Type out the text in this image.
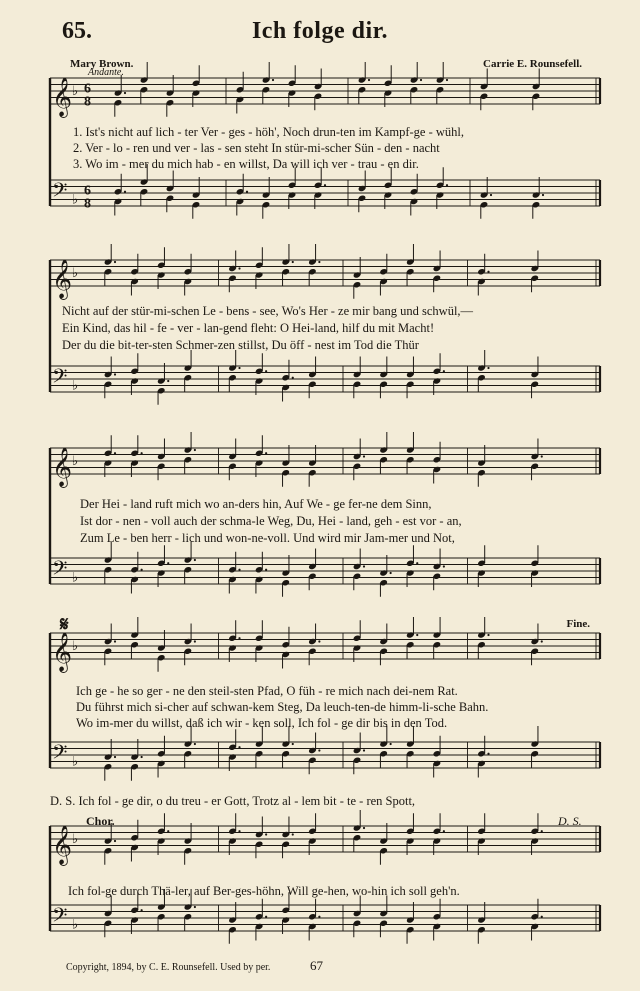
65.	Ich folge dir.
Mary Brown.	Carrie E. Rounsefell.
Andante.
𝄞 ♭
𝄢 ♭
6
8
6
8
1. Ist's nicht auf lich - ter Ver - ges - höh', Noch drun-ten im Kampf-ge - wühl,
2. Ver - lo - ren und ver - las - sen steht In stür-mi-scher Sün - den - nacht
3. Wo im - mer du mich hab - en willst, Da will ich ver - trau - en dir.
𝄞 ♭
𝄢 ♭
Nicht auf der stür-mi-schen Le - bens - see, Wo's Her - ze mir bang und schwül,—
Ein Kind, das hil - fe - ver - lan-gend fleht: O Hei-land, hilf du mit Macht!
Der du die bit-ter-sten Schmer-zen stillst, Du öff - nest im Tod die Thür
𝄞 ♭
𝄢 ♭
Der Hei - land ruft mich wo an-ders hin, Auf We - ge fer-ne dem Sinn,
Ist dor - nen - voll auch der schma-le Weg, Du, Hei - land, geh - est vor - an,
Zum Le - ben herr - lich und won-ne-voll. Und wird mir Jam-mer und Not,
𝄋	Fine.
𝄞 ♭
𝄢 ♭
Ich ge - he so ger - ne den steil-sten Pfad, O füh - re mich nach dei-nem Rat.
Du führst mich si-cher auf schwan-kem Steg, Da leuch-ten-de himm-li-sche Bahn.
Wo im-mer du willst, daß ich wir - ken soll, Ich fol - ge dir bis in den Tod.
D. S. Ich fol - ge dir, o du treu - er Gott, Trotz al - lem bit - te - ren Spott,
Chor.	D. S.
𝄞 ♭
𝄢 ♭
Ich fol-ge durch Thä-ler, auf Ber-ges-höhn, Will ge-hen, wo-hin ich soll geh'n.
Copyright, 1894, by C. E. Rounsefell. Used by per.	67
